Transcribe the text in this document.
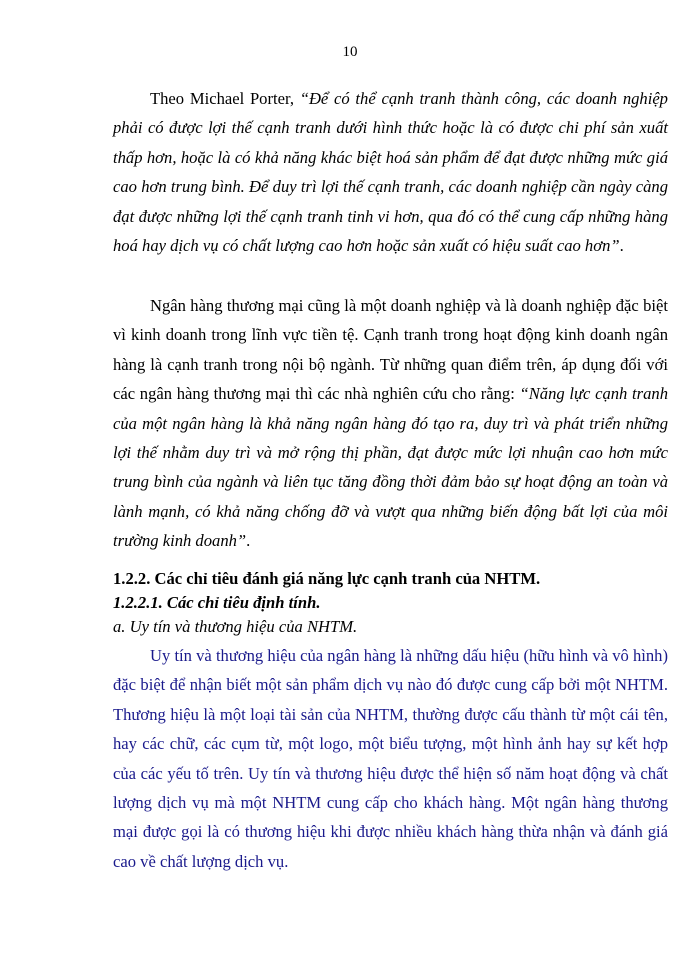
10

Theo Michael Porter, “Để có thể cạnh tranh thành công, các doanh nghiệp phải có được lợi thế cạnh tranh dưới hình thức hoặc là có được chi phí sản xuất thấp hơn, hoặc là có khả năng khác biệt hoá sản phẩm để đạt được những mức giá cao hơn trung bình. Để duy trì lợi thế cạnh tranh, các doanh nghiệp cần ngày càng đạt được những lợi thế cạnh tranh tinh vi hơn, qua đó có thể cung cấp những hàng hoá hay dịch vụ có chất lượng cao hơn hoặc sản xuất có hiệu suất cao hơn”.

Ngân hàng thương mại cũng là một doanh nghiệp và là doanh nghiệp đặc biệt vì kinh doanh trong lĩnh vực tiền tệ. Cạnh tranh trong hoạt động kinh doanh ngân hàng là cạnh tranh trong nội bộ ngành. Từ những quan điểm trên, áp dụng đối với các ngân hàng thương mại thì các nhà nghiên cứu cho rằng: “Năng lực cạnh tranh của một ngân hàng là khả năng ngân hàng đó tạo ra, duy trì và phát triển những lợi thế nhằm duy trì và mở rộng thị phần, đạt được mức lợi nhuận cao hơn mức trung bình của ngành và liên tục tăng đồng thời đảm bảo sự hoạt động an toàn và lành mạnh, có khả năng chống đỡ và vượt qua những biến động bất lợi của môi trường kinh doanh”.

1.2.2. Các chỉ tiêu đánh giá năng lực cạnh tranh của NHTM.
1.2.2.1. Các chỉ tiêu định tính.
a. Uy tín và thương hiệu của NHTM.

Uy tín và thương hiệu của ngân hàng là những dấu hiệu (hữu hình và vô hình) đặc biệt để nhận biết một sản phẩm dịch vụ nào đó được cung cấp bởi một NHTM. Thương hiệu là một loại tài sản của NHTM, thường được cấu thành từ một cái tên, hay các chữ, các cụm từ, một logo, một biểu tượng, một hình ảnh hay sự kết hợp của các yếu tố trên. Uy tín và thương hiệu được thể hiện số năm hoạt động và chất lượng dịch vụ mà một NHTM cung cấp cho khách hàng. Một ngân hàng thương mại được gọi là có thương hiệu khi được nhiều khách hàng thừa nhận và đánh giá cao về chất lượng dịch vụ.
